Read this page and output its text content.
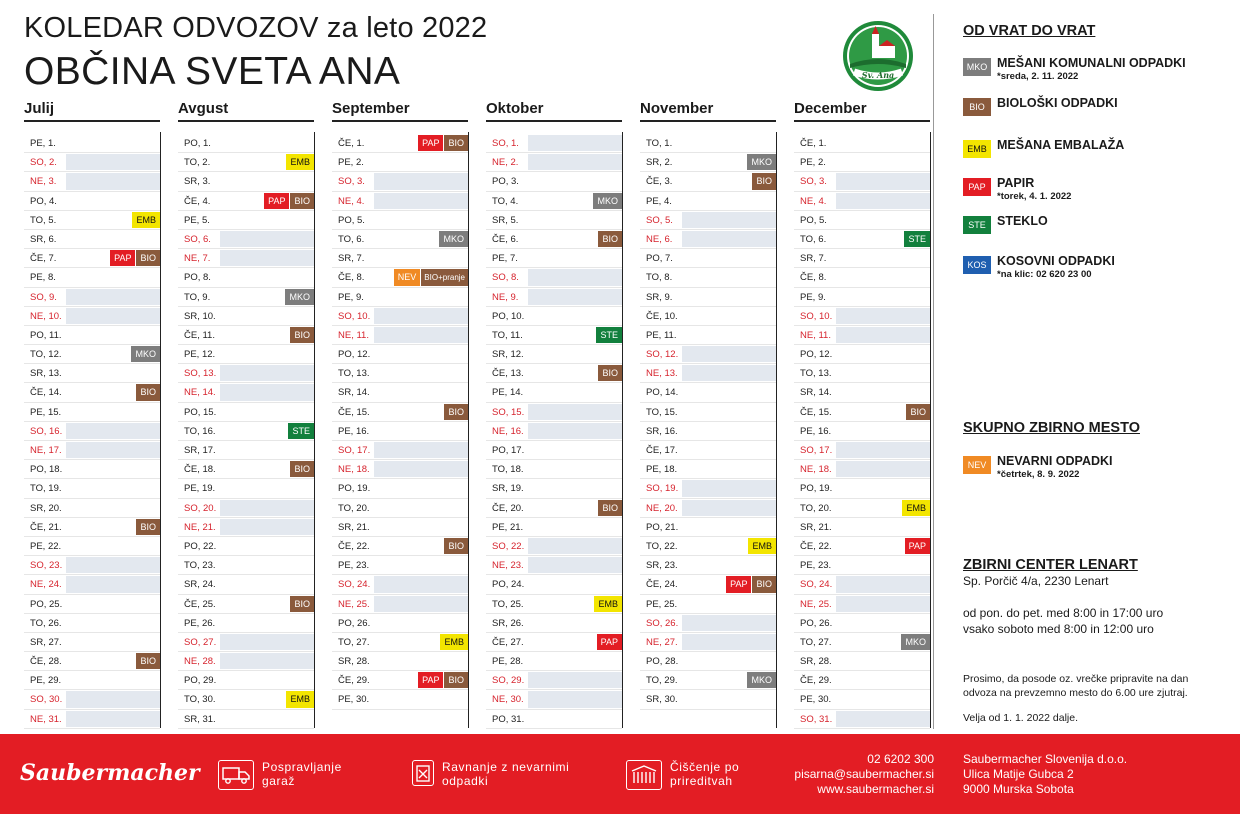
KOLEDAR ODVOZOV za leto 2022
OBČINA SVETA ANA	Sv. Ana
Julij
PE, 1.
SO, 2.
NE, 3.
PO, 4.
TO, 5.	EMB
SR, 6.
ČE, 7.	PAP	BIO
PE, 8.
SO, 9.
NE, 10.
PO, 11.
TO, 12.	MKO
SR, 13.
ČE, 14.	BIO
PE, 15.
SO, 16.
NE, 17.
PO, 18.
TO, 19.
SR, 20.
ČE, 21.	BIO
PE, 22.
SO, 23.
NE, 24.
PO, 25.
TO, 26.
SR, 27.
ČE, 28.	BIO
PE, 29.
SO, 30.
NE, 31.
Avgust
PO, 1.
TO, 2.	EMB
SR, 3.
ČE, 4.	PAP	BIO
PE, 5.
SO, 6.
NE, 7.
PO, 8.
TO, 9.	MKO
SR, 10.
ČE, 11.	BIO
PE, 12.
SO, 13.
NE, 14.
PO, 15.
TO, 16.	STE
SR, 17.
ČE, 18.	BIO
PE, 19.
SO, 20.
NE, 21.
PO, 22.
TO, 23.
SR, 24.
ČE, 25.	BIO
PE, 26.
SO, 27.
NE, 28.
PO, 29.
TO, 30.	EMB
SR, 31.
September
ČE, 1.	PAP	BIO
PE, 2.
SO, 3.
NE, 4.
PO, 5.
TO, 6.	MKO
SR, 7.
ČE, 8.	NEV	BIO+pranje
PE, 9.
SO, 10.
NE, 11.
PO, 12.
TO, 13.
SR, 14.
ČE, 15.	BIO
PE, 16.
SO, 17.
NE, 18.
PO, 19.
TO, 20.
SR, 21.
ČE, 22.	BIO
PE, 23.
SO, 24.
NE, 25.
PO, 26.
TO, 27.	EMB
SR, 28.
ČE, 29.	PAP	BIO
PE, 30.
Oktober
SO, 1.
NE, 2.
PO, 3.
TO, 4.	MKO
SR, 5.
ČE, 6.	BIO
PE, 7.
SO, 8.
NE, 9.
PO, 10.
TO, 11.	STE
SR, 12.
ČE, 13.	BIO
PE, 14.
SO, 15.
NE, 16.
PO, 17.
TO, 18.
SR, 19.
ČE, 20.	BIO
PE, 21.
SO, 22.
NE, 23.
PO, 24.
TO, 25.	EMB
SR, 26.
ČE, 27.	PAP
PE, 28.
SO, 29.
NE, 30.
PO, 31.
November
TO, 1.
SR, 2.	MKO
ČE, 3.	BIO
PE, 4.
SO, 5.
NE, 6.
PO, 7.
TO, 8.
SR, 9.
ČE, 10.
PE, 11.
SO, 12.
NE, 13.
PO, 14.
TO, 15.
SR, 16.
ČE, 17.
PE, 18.
SO, 19.
NE, 20.
PO, 21.
TO, 22.	EMB
SR, 23.
ČE, 24.	PAP	BIO
PE, 25.
SO, 26.
NE, 27.
PO, 28.
TO, 29.	MKO
SR, 30.
December
ČE, 1.
PE, 2.
SO, 3.
NE, 4.
PO, 5.
TO, 6.	STE
SR, 7.
ČE, 8.
PE, 9.
SO, 10.
NE, 11.
PO, 12.
TO, 13.
SR, 14.
ČE, 15.	BIO
PE, 16.
SO, 17.
NE, 18.
PO, 19.
TO, 20.	EMB
SR, 21.
ČE, 22.	PAP
PE, 23.
SO, 24.
NE, 25.
PO, 26.
TO, 27.	MKO
SR, 28.
ČE, 29.
PE, 30.
SO, 31.
OD VRAT DO VRAT
MKO MEŠANI KOMUNALNI ODPADKI
*sreda, 2. 11. 2022
BIO BIOLOŠKI ODPADKI
EMB MEŠANA EMBALAŽA
PAP PAPIR
*torek, 4. 1. 2022
STE STEKLO
KOS KOSOVNI ODPADKI
*na klic: 02 620 23 00
SKUPNO ZBIRNO MESTO
NEV NEVARNI ODPADKI
*četrtek, 8. 9. 2022
ZBIRNI CENTER LENART
Sp. Porčič 4/a, 2230 Lenart
od pon. do pet. med 8:00 in 17:00 uro
vsako soboto med 8:00 in 12:00 uro
Prosimo, da posode oz. vrečke pripravite na dan odvoza na prevzemno mesto do 6.00 ure zjutraj.
Velja od 1. 1. 2022 dalje.
Saubermacher	Pospravljanje garaž
Ravnanje z nevarnimi odpadki
Čiščenje po prireditvah
02 6202 300
pisarna@saubermacher.si
www.saubermacher.si
Saubermacher Slovenija d.o.o.
Ulica Matije Gubca 2
9000 Murska Sobota
